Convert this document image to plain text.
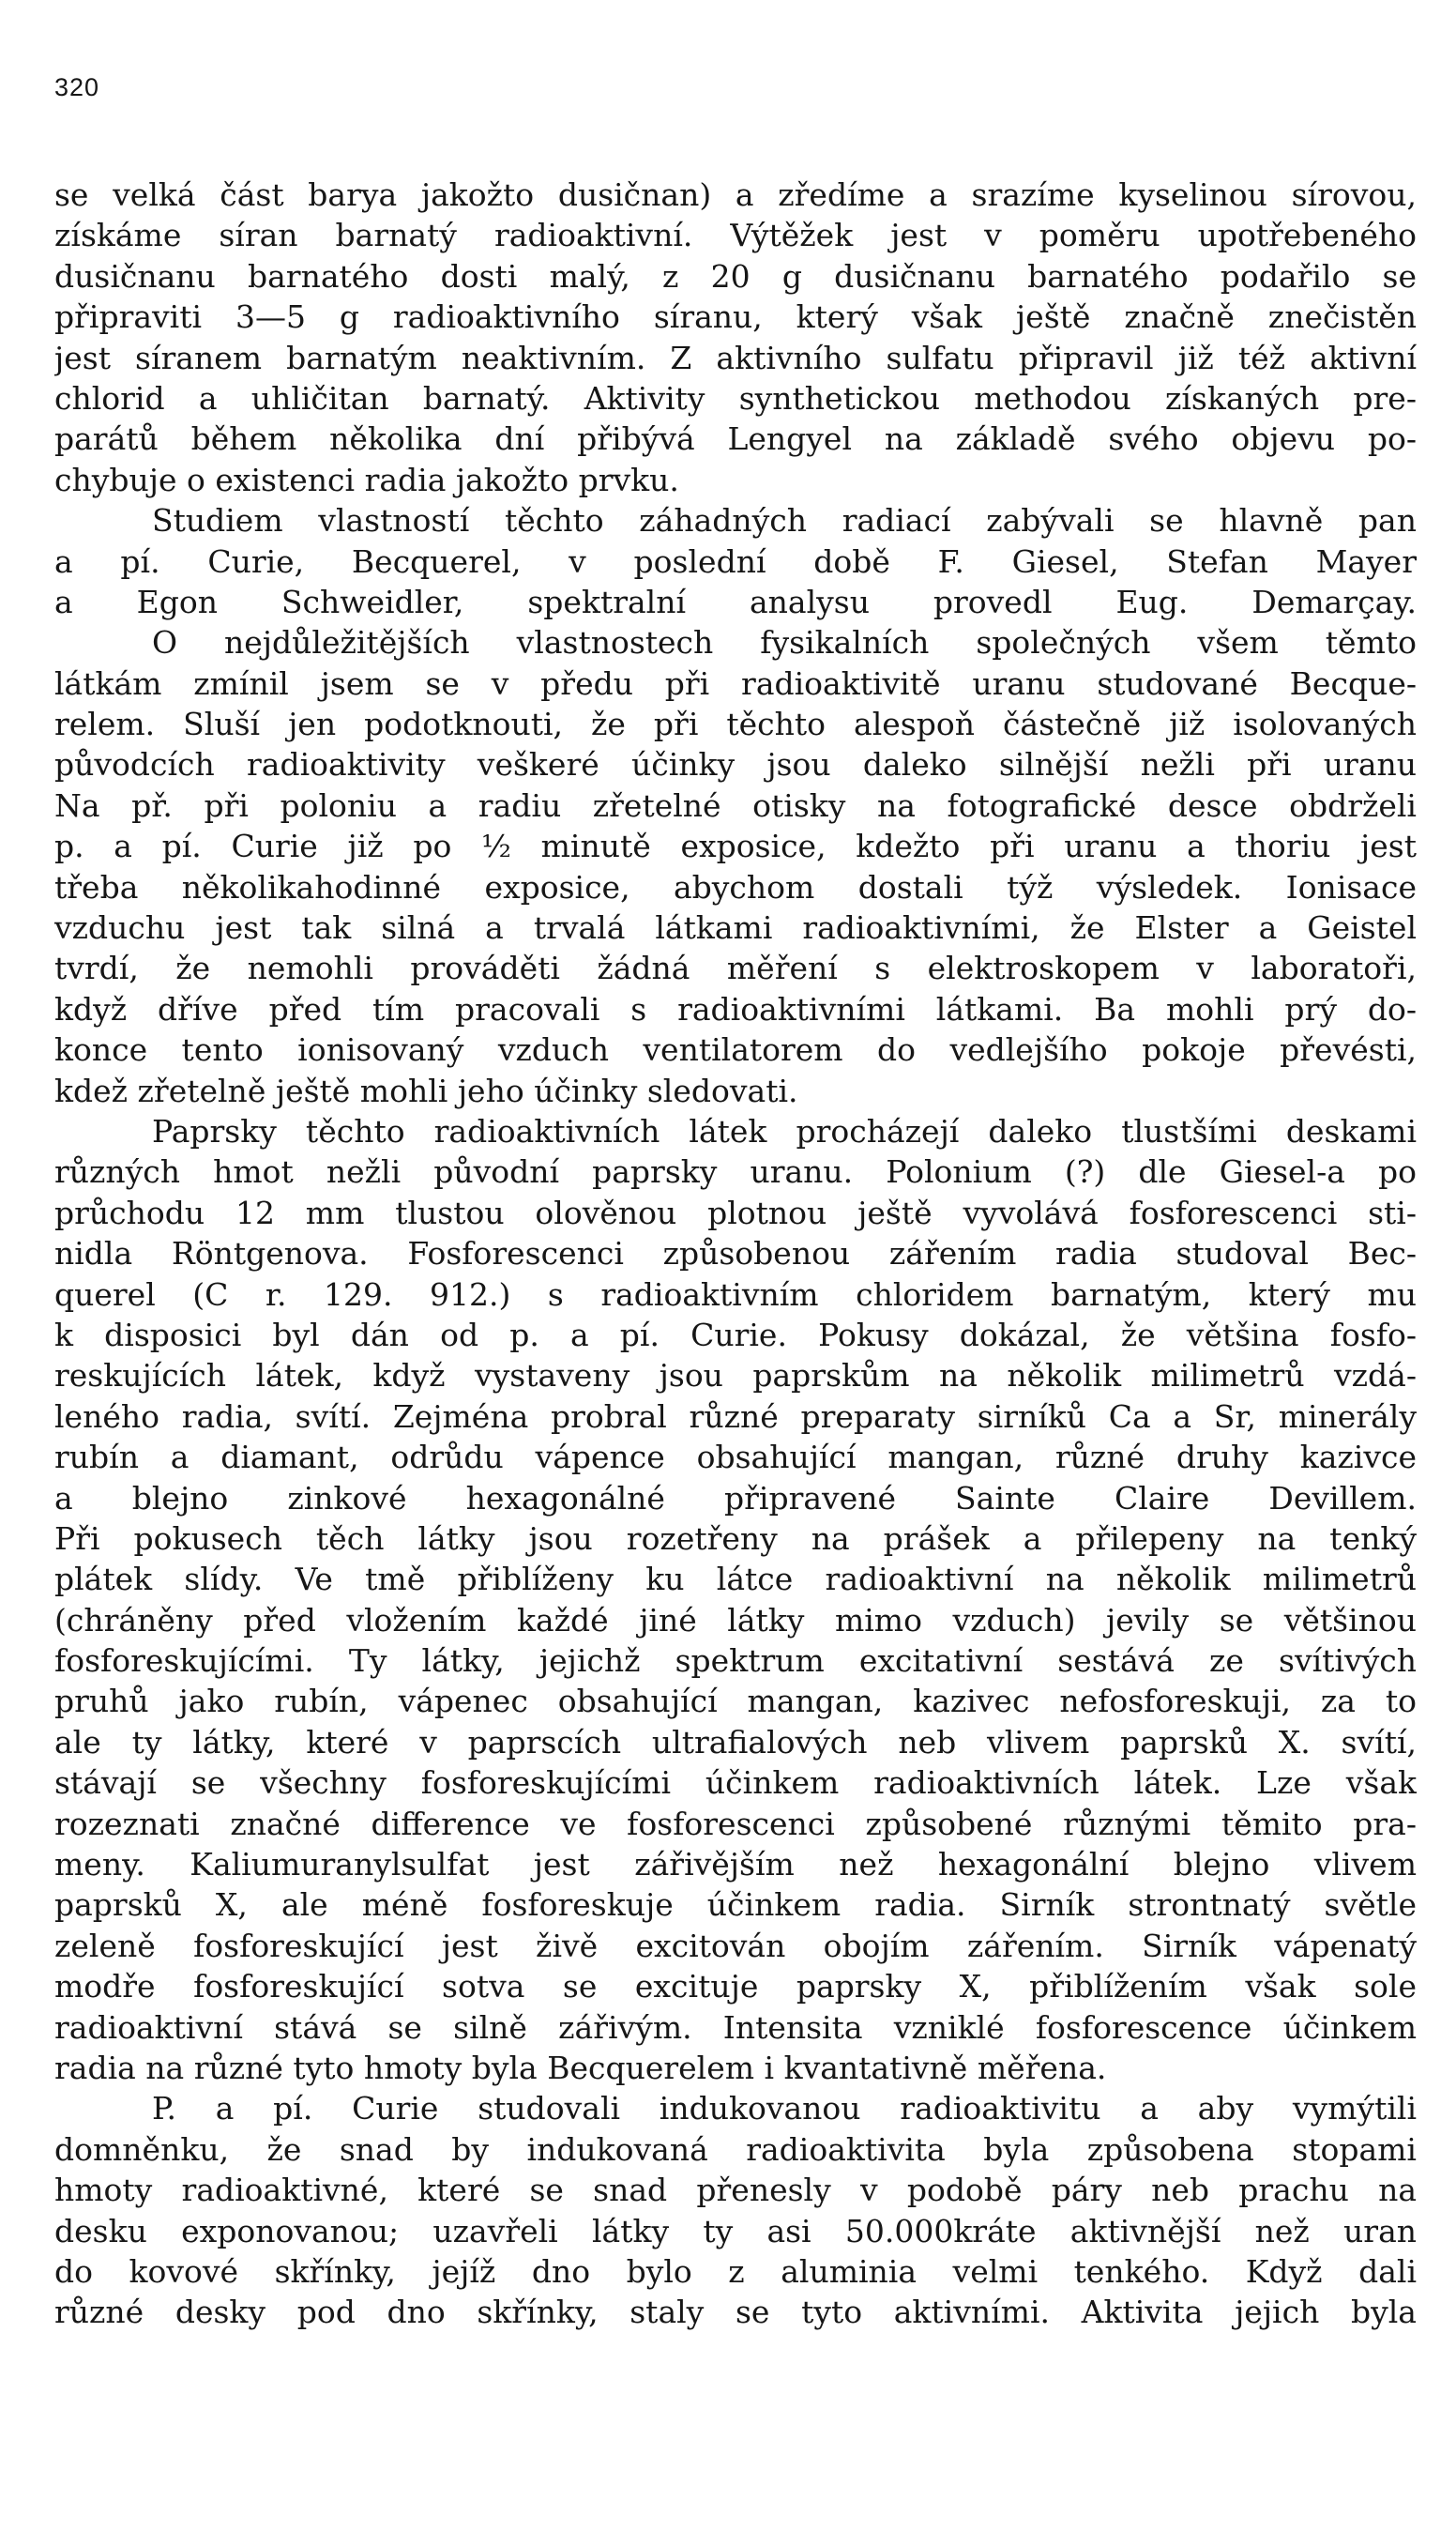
320
se velká část barya jakožto dusičnan) a zředíme a srazíme kyselinou sírovou,
získáme síran barnatý radioaktivní. Výtěžek jest v poměru upotřebeného
dusičnanu barnatého dosti malý, z 20 g dusičnanu barnatého podařilo se
připraviti 3—5 g radioaktivního síranu, který však ještě značně znečistěn
jest síranem barnatým neaktivním. Z aktivního sulfatu připravil již též aktivní
chlorid a uhličitan barnatý. Aktivity synthetickou methodou získaných pre-
parátů během několika dní přibývá Lengyel na základě svého objevu po-
chybuje o existenci radia jakožto prvku.
Studiem vlastností těchto záhadných radiací zabývali se hlavně pan
a pí. Curie, Becquerel, v poslední době F. Giesel, Stefan Mayer
a Egon Schweidler, spektralní analysu provedl Eug. Demarçay.
O nejdůležitějších vlastnostech fysikalních společných všem těmto
látkám zmínil jsem se v předu při radioaktivitě uranu studované Becque-
relem. Sluší jen podotknouti, že při těchto alespoň částečně již isolovaných
původcích radioaktivity veškeré účinky jsou daleko silnější nežli při uranu
Na př. při poloniu a radiu zřetelné otisky na fotografické desce obdrželi
p. a pí. Curie již po ½ minutě exposice, kdežto při uranu a thoriu jest
třeba několikahodinné exposice, abychom dostali týž výsledek. Ionisace
vzduchu jest tak silná a trvalá látkami radioaktivními, že Elster a Geistel
tvrdí, že nemohli prováděti žádná měření s elektroskopem v laboratoři,
když dříve před tím pracovali s radioaktivními látkami. Ba mohli prý do-
konce tento ionisovaný vzduch ventilatorem do vedlejšího pokoje převésti,
kdež zřetelně ještě mohli jeho účinky sledovati.
Paprsky těchto radioaktivních látek procházejí daleko tlustšími deskami
různých hmot nežli původní paprsky uranu. Polonium (?) dle Giesel-a po
průchodu 12 mm tlustou olověnou plotnou ještě vyvolává fosforescenci sti-
nidla Röntgenova. Fosforescenci způsobenou zářením radia studoval Bec-
querel (C r. 129. 912.) s radioaktivním chloridem barnatým, který mu
k disposici byl dán od p. a pí. Curie. Pokusy dokázal, že většina fosfo-
reskujících látek, když vystaveny jsou paprskům na několik milimetrů vzdá-
leného radia, svítí. Zejména probral různé preparaty sirníků Ca a Sr, minerály
rubín a diamant, odrůdu vápence obsahující mangan, různé druhy kazivce
a blejno zinkové hexagonálné připravené Sainte Claire Devillem.
Při pokusech těch látky jsou rozetřeny na prášek a přilepeny na tenký
plátek slídy. Ve tmě přiblíženy ku látce radioaktivní na několik milimetrů
(chráněny před vložením každé jiné látky mimo vzduch) jevily se většinou
fosforeskujícími. Ty látky, jejichž spektrum excitativní sestává ze svítivých
pruhů jako rubín, vápenec obsahující mangan, kazivec nefosforeskuji, za to
ale ty látky, které v paprscích ultrafialových neb vlivem paprsků X. svítí,
stávají se všechny fosforeskujícími účinkem radioaktivních látek. Lze však
rozeznati značné differencе ve fosforescenci způsobené různými těmito pra-
meny. Kaliumuranylsulfat jest zářivějším než hexagonální blejno vlivem
paprsků X, ale méně fosforeskuje účinkem radia. Sirník strontnatý světle
zeleně fosforeskující jest živě excitován obojím zářením. Sirník vápenatý
modře fosforeskující sotva se excituje paprsky X, přiblížením však sole
radioaktivní stává se silně zářivým. Intensita vzniklé fosforescence účinkem
radia na různé tyto hmoty byla Becquerelem i kvantativně měřena.
P. a pí. Curie studovali indukovanou radioaktivitu a aby vymýtili
domněnku, že snad by indukovaná radioaktivita byla způsobena stopami
hmoty radioaktivné, které se snad přenesly v podobě páry neb prachu na
desku exponovanou; uzavřeli látky ty asi 50.000kráte aktivnější než uran
do kovové skřínky, jejíž dno bylo z aluminia velmi tenkého. Když dali
různé desky pod dno skřínky, staly se tyto aktivními. Aktivita jejich byla
